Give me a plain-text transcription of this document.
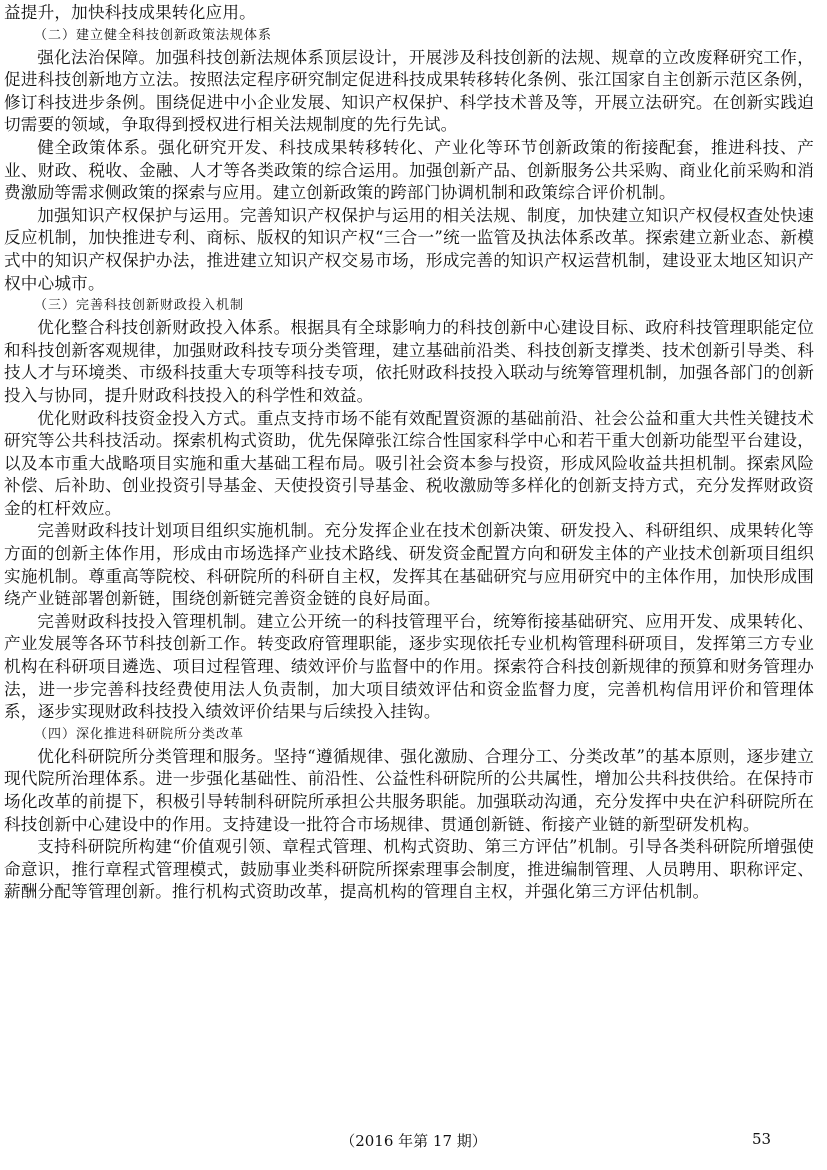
益提升，加快科技成果转化应用。

（二）建立健全科技创新政策法规体系

强化法治保障。加强科技创新法规体系顶层设计，开展涉及科技创新的法规、规章的立改废释研究工作，促进科技创新地方立法。按照法定程序研究制定促进科技成果转移转化条例、张江国家自主创新示范区条例，修订科技进步条例。围绕促进中小企业发展、知识产权保护、科学技术普及等，开展立法研究。在创新实践迫切需要的领域，争取得到授权进行相关法规制度的先行先试。

健全政策体系。强化研究开发、科技成果转移转化、产业化等环节创新政策的衔接配套，推进科技、产业、财政、税收、金融、人才等各类政策的综合运用。加强创新产品、创新服务公共采购、商业化前采购和消费激励等需求侧政策的探索与应用。建立创新政策的跨部门协调机制和政策综合评价机制。

加强知识产权保护与运用。完善知识产权保护与运用的相关法规、制度，加快建立知识产权侵权查处快速反应机制，加快推进专利、商标、版权的知识产权“三合一”统一监管及执法体系改革。探索建立新业态、新模式中的知识产权保护办法，推进建立知识产权交易市场，形成完善的知识产权运营机制，建设亚太地区知识产权中心城市。

（三）完善科技创新财政投入机制

优化整合科技创新财政投入体系。根据具有全球影响力的科技创新中心建设目标、政府科技管理职能定位和科技创新客观规律，加强财政科技专项分类管理，建立基础前沿类、科技创新支撑类、技术创新引导类、科技人才与环境类、市级科技重大专项等科技专项，依托财政科技投入联动与统筹管理机制，加强各部门的创新投入与协同，提升财政科技投入的科学性和效益。

优化财政科技资金投入方式。重点支持市场不能有效配置资源的基础前沿、社会公益和重大共性关键技术研究等公共科技活动。探索机构式资助，优先保障张江综合性国家科学中心和若干重大创新功能型平台建设，以及本市重大战略项目实施和重大基础工程布局。吸引社会资本参与投资，形成风险收益共担机制。探索风险补偿、后补助、创业投资引导基金、天使投资引导基金、税收激励等多样化的创新支持方式，充分发挥财政资金的杠杆效应。

完善财政科技计划项目组织实施机制。充分发挥企业在技术创新决策、研发投入、科研组织、成果转化等方面的创新主体作用，形成由市场选择产业技术路线、研发资金配置方向和研发主体的产业技术创新项目组织实施机制。尊重高等院校、科研院所的科研自主权，发挥其在基础研究与应用研究中的主体作用，加快形成围绕产业链部署创新链，围绕创新链完善资金链的良好局面。

完善财政科技投入管理机制。建立公开统一的科技管理平台，统筹衔接基础研究、应用开发、成果转化、产业发展等各环节科技创新工作。转变政府管理职能，逐步实现依托专业机构管理科研项目，发挥第三方专业机构在科研项目遴选、项目过程管理、绩效评价与监督中的作用。探索符合科技创新规律的预算和财务管理办法，进一步完善科技经费使用法人负责制，加大项目绩效评估和资金监督力度，完善机构信用评价和管理体系，逐步实现财政科技投入绩效评价结果与后续投入挂钩。

（四）深化推进科研院所分类改革

优化科研院所分类管理和服务。坚持“遵循规律、强化激励、合理分工、分类改革”的基本原则，逐步建立现代院所治理体系。进一步强化基础性、前沿性、公益性科研院所的公共属性，增加公共科技供给。在保持市场化改革的前提下，积极引导转制科研院所承担公共服务职能。加强联动沟通，充分发挥中央在沪科研院所在科技创新中心建设中的作用。支持建设一批符合市场规律、贯通创新链、衔接产业链的新型研发机构。

支持科研院所构建“价值观引领、章程式管理、机构式资助、第三方评估”机制。引导各类科研院所增强使命意识，推行章程式管理模式，鼓励事业类科研院所探索理事会制度，推进编制管理、人员聘用、职称评定、薪酬分配等管理创新。推行机构式资助改革，提高机构的管理自主权，并强化第三方评估机制。

（2016 年第 17 期）	53
